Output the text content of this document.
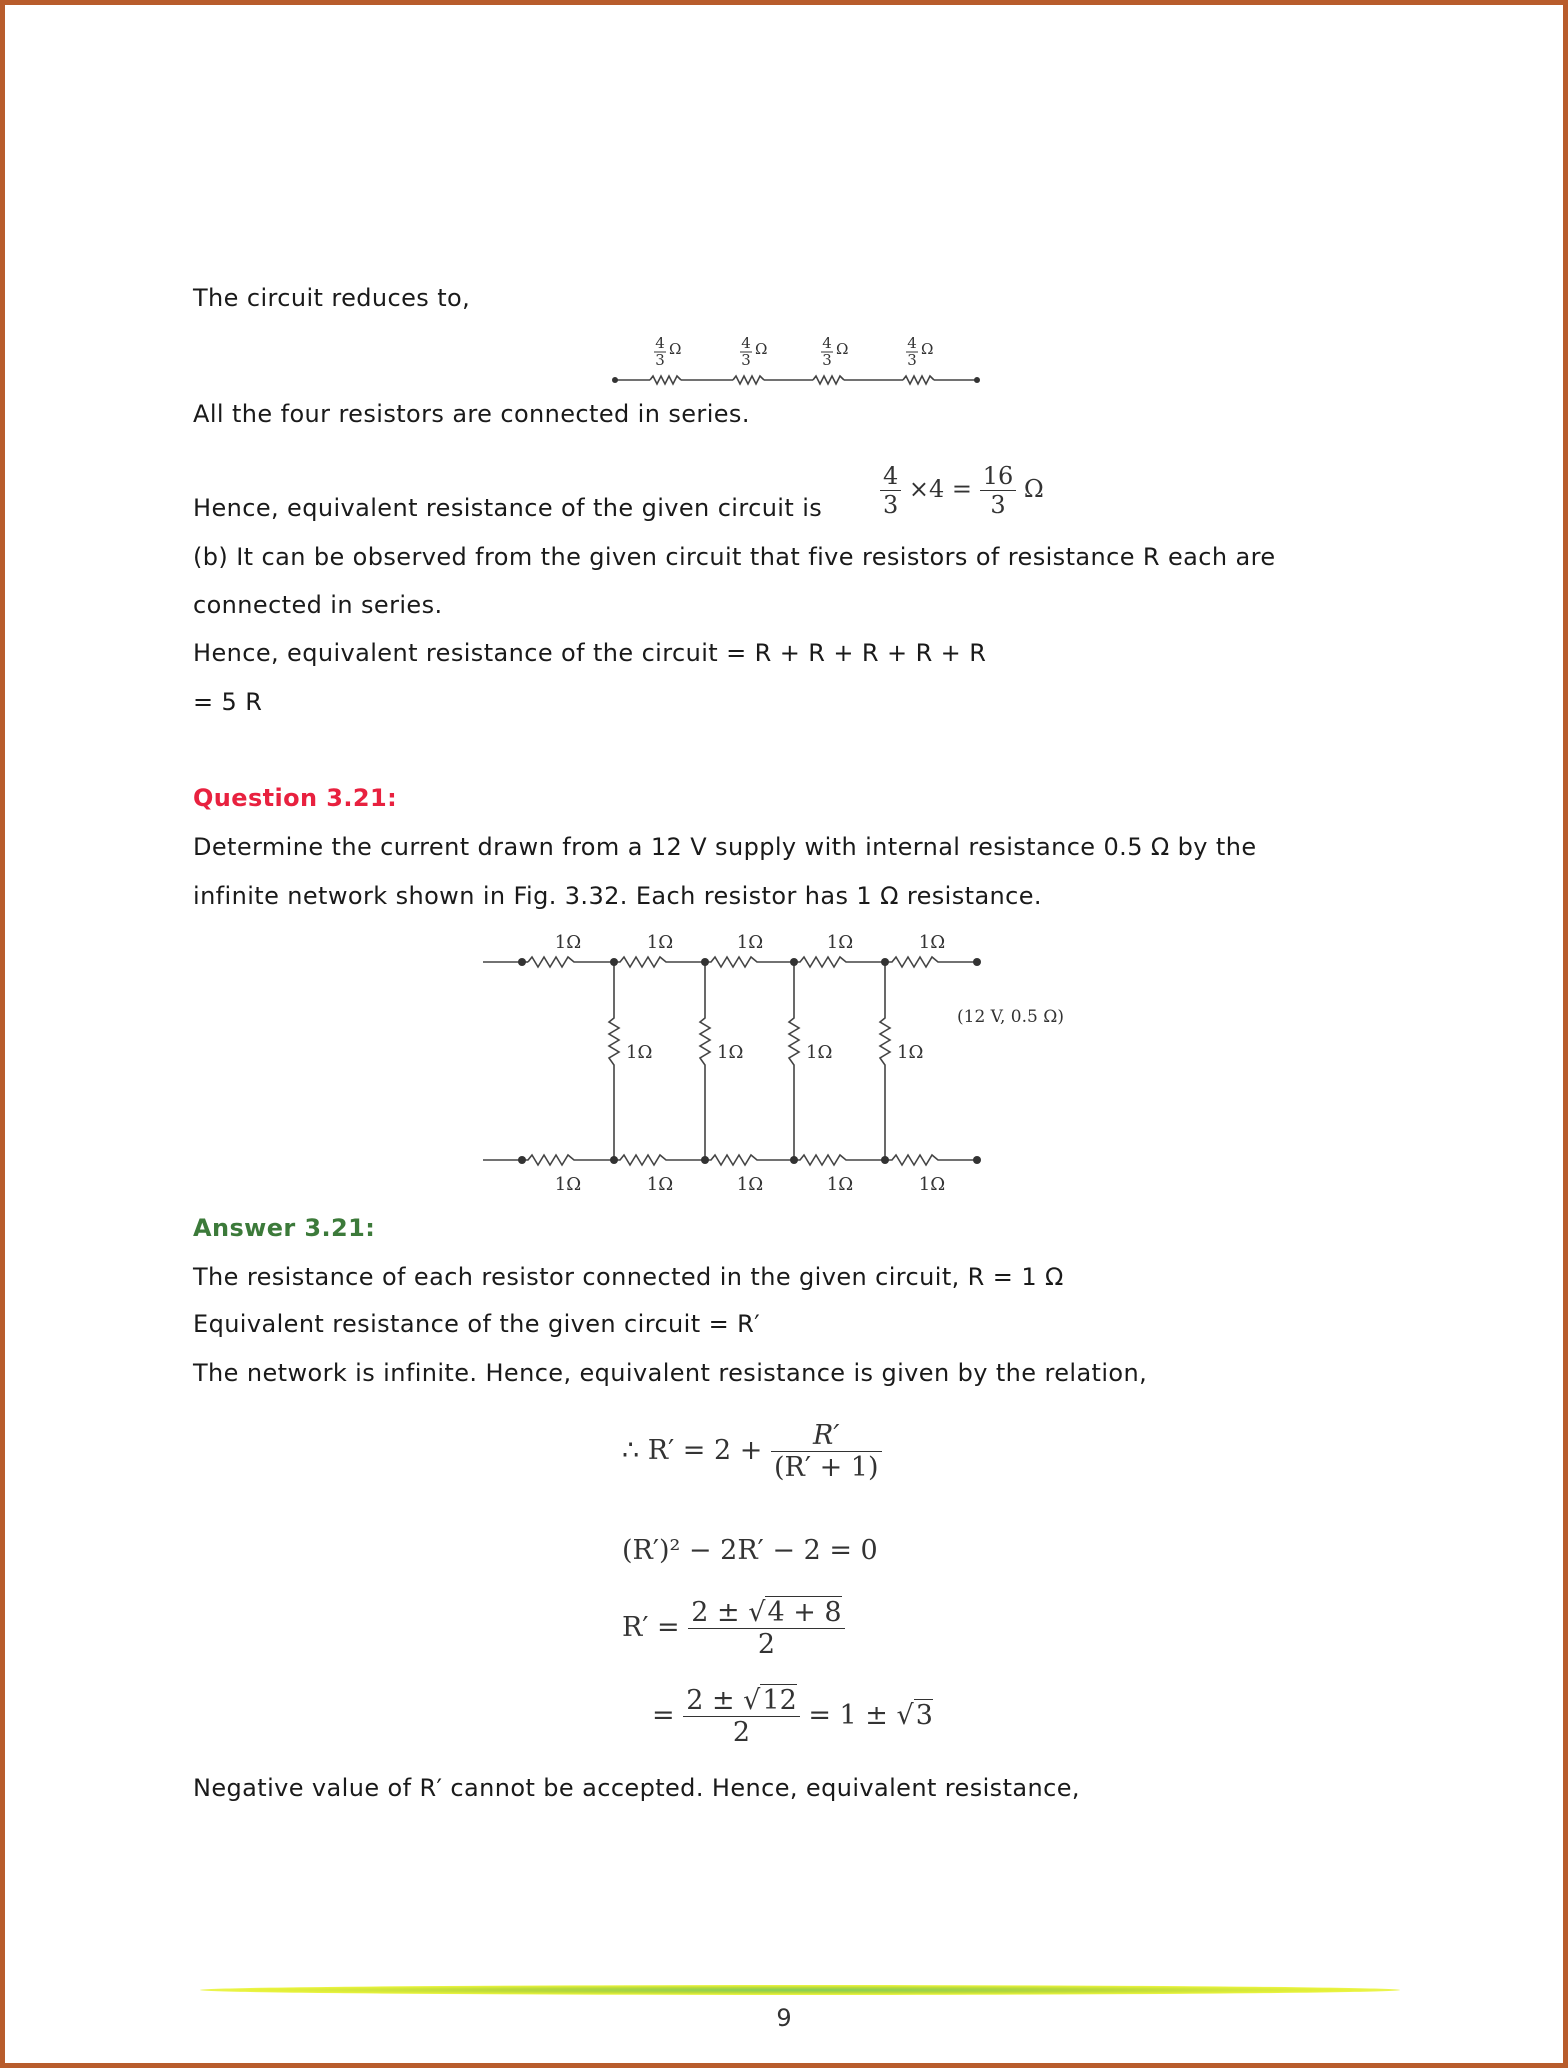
The circuit reduces to,
4
3
Ω	4
3
Ω	4
3
Ω	4
3
Ω
All the four resistors are connected in series.
Hence, equivalent resistance of the given circuit is $\frac{4}{3} \times 4 = \frac{16}{3}$ Ω
(b) It can be observed from the given circuit that five resistors of resistance R each are
connected in series.
Hence, equivalent resistance of the circuit = R + R + R + R + R
= 5 R
Question 3.21:
Determine the current drawn from a 12 V supply with internal resistance 0.5 Ω by the
infinite network shown in Fig. 3.32. Each resistor has 1 Ω resistance.
1Ω	1Ω	1Ω	1Ω	1Ω
1Ω	1Ω	1Ω	1Ω	1Ω
1Ω	1Ω	1Ω	1Ω
(12 V, 0.5 Ω)
Answer 3.21:
The resistance of each resistor connected in the given circuit, R = 1 Ω
Equivalent resistance of the given circuit = R′
The network is infinite. Hence, equivalent resistance is given by the relation,
∴ $R' = 2 + \frac{R'}{(R' + 1)}$
(R′)² − 2R′ − 2 = 0
$R' = \frac{2 \pm √4 + 8}{2}$
= $\frac{2 \pm √12}{2} = 1 \pm √3$
Negative value of R′ cannot be accepted. Hence, equivalent resistance,
9
